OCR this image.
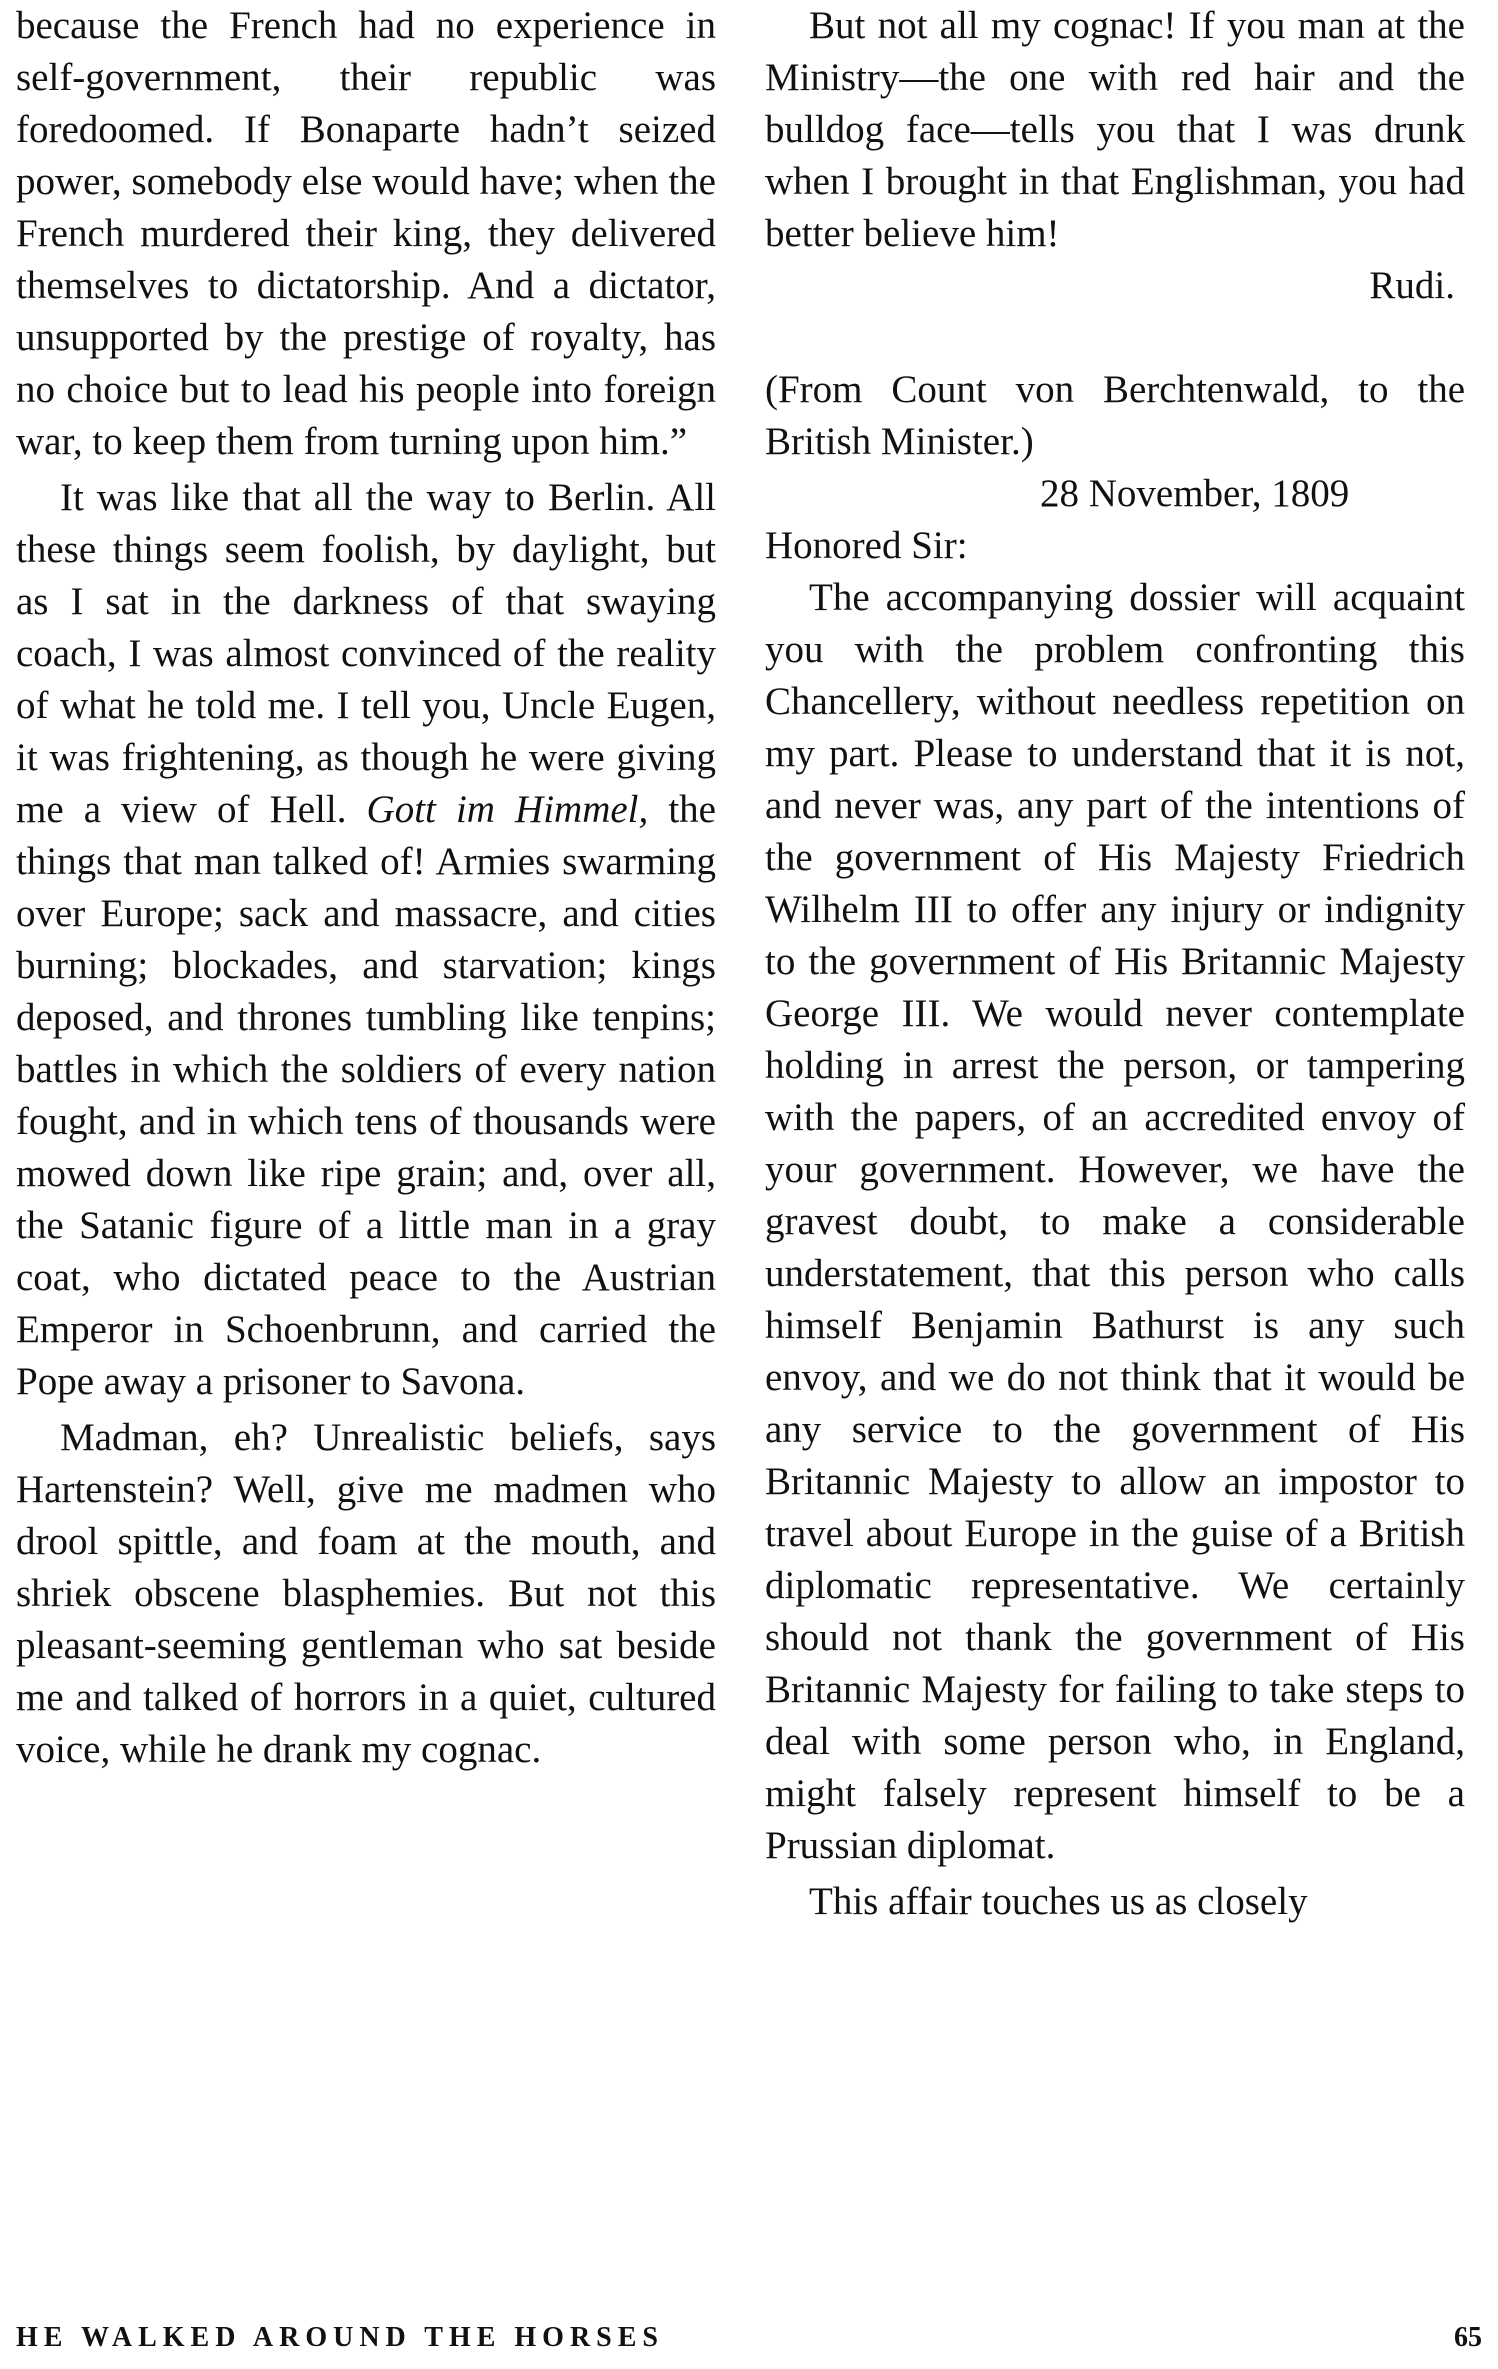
because the French had no experience in self-government, their republic was foredoomed. If Bonaparte hadn’t seized power, somebody else would have; when the French murdered their king, they delivered themselves to dictatorship. And a dictator, unsupported by the prestige of royalty, has no choice but to lead his people into foreign war, to keep them from turning upon him.”

It was like that all the way to Berlin. All these things seem foolish, by daylight, but as I sat in the darkness of that swaying coach, I was almost convinced of the reality of what he told me. I tell you, Uncle Eugen, it was frightening, as though he were giving me a view of Hell. Gott im Himmel, the things that man talked of! Armies swarming over Europe; sack and massacre, and cities burning; blockades, and starvation; kings deposed, and thrones tumbling like tenpins; battles in which the soldiers of every nation fought, and in which tens of thousands were mowed down like ripe grain; and, over all, the Satanic figure of a little man in a gray coat, who dictated peace to the Austrian Emperor in Schoenbrunn, and carried the Pope away a prisoner to Savona.

Madman, eh? Unrealistic beliefs, says Hartenstein? Well, give me madmen who drool spittle, and foam at the mouth, and shriek obscene blasphemies. But not this pleasant-seeming gentleman who sat beside me and talked of horrors in a quiet, cultured voice, while he drank my cognac.

But not all my cognac! If you man at the Ministry—the one with red hair and the bulldog face—tells you that I was drunk when I brought in that Englishman, you had better believe him!

Rudi.

(From Count von Berchtenwald, to the British Minister.)

28 November, 1809

Honored Sir:

The accompanying dossier will acquaint you with the problem confronting this Chancellery, without needless repetition on my part. Please to understand that it is not, and never was, any part of the intentions of the government of His Majesty Friedrich Wilhelm III to offer any injury or indignity to the government of His Britannic Majesty George III. We would never contemplate holding in arrest the person, or tampering with the papers, of an accredited envoy of your government. However, we have the gravest doubt, to make a considerable understatement, that this person who calls himself Benjamin Bathurst is any such envoy, and we do not think that it would be any service to the government of His Britannic Majesty to allow an impostor to travel about Europe in the guise of a British diplomatic representative. We certainly should not thank the government of His Britannic Majesty for failing to take steps to deal with some person who, in England, might falsely represent himself to be a Prussian diplomat.

This affair touches us as closely

HE WALKED AROUND THE HORSES	65
